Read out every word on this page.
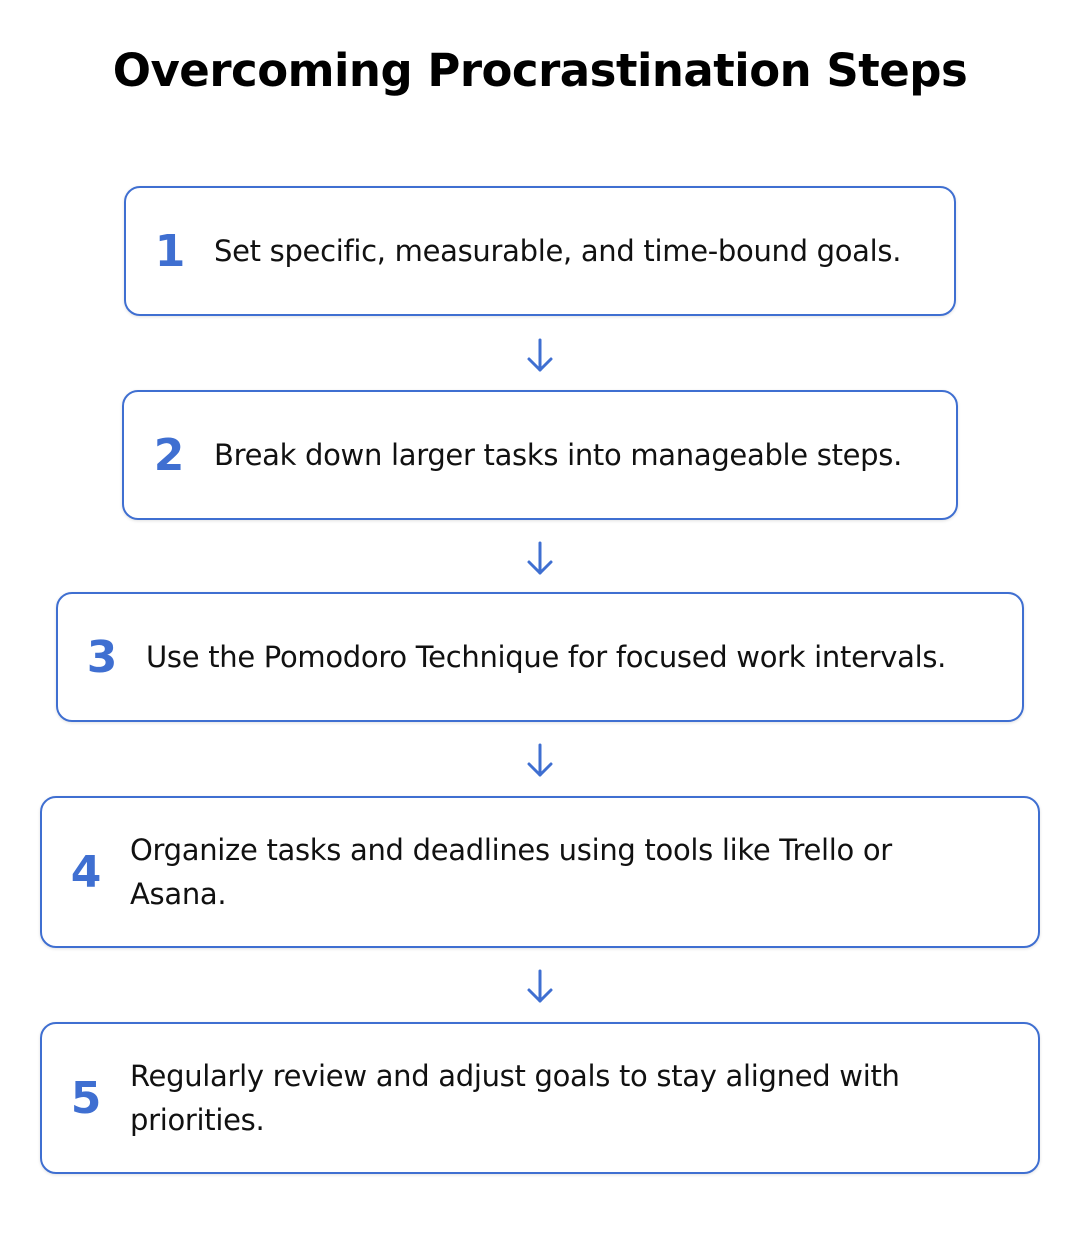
Overcoming Procrastination Steps
1 Set specific, measurable, and time-bound goals.
2	Break down larger tasks into manageable steps.
3 Use the Pomodoro Technique for focused work intervals.
4 Organize tasks and deadlines using tools like Trello or Asana.
5 Regularly review and adjust goals to stay aligned with priorities.
